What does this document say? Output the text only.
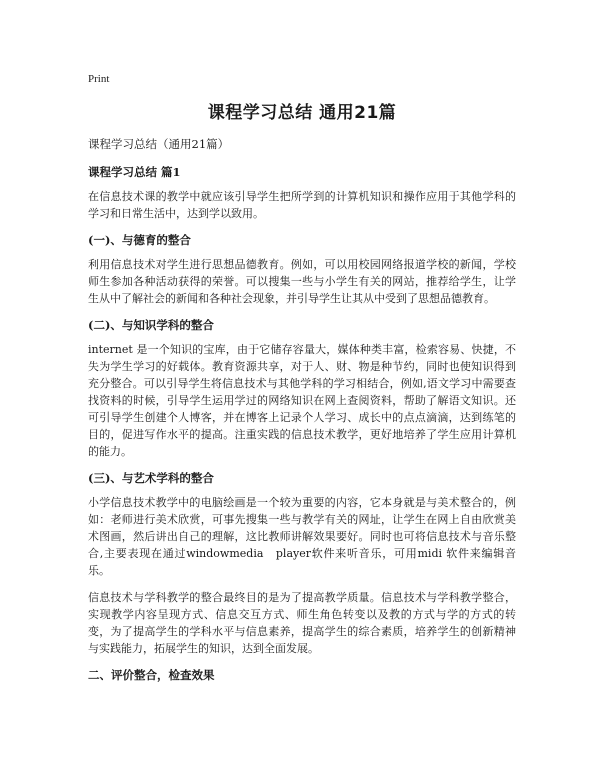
Print
课程学习总结 通用21篇
课程学习总结（通用21篇）
课程学习总结 篇1

在信息技术课的教学中就应该引导学生把所学到的计算机知识和操作应用于其他学科的学习和日常生活中，达到学以致用。

(一)、与德育的整合

利用信息技术对学生进行思想品德教育。例如，可以用校园网络报道学校的新闻，学校师生参加各种活动获得的荣誉。可以搜集一些与小学生有关的网站，推荐给学生，让学生从中了解社会的新闻和各种社会现象，并引导学生让其从中受到了思想品德教育。

(二)、与知识学科的整合

internet 是一个知识的宝库，由于它储存容量大，媒体种类丰富，检索容易、快捷，不失为学生学习的好载体。教育资源共享，对于人、财、物是种节约，同时也使知识得到充分整合。可以引导学生将信息技术与其他学科的学习相结合，例如,语文学习中需要查找资料的时候，引导学生运用学过的网络知识在网上查阅资料，帮助了解语文知识。还可引导学生创建个人博客，并在博客上记录个人学习、成长中的点点滴滴，达到练笔的目的，促进写作水平的提高。注重实践的信息技术教学，更好地培养了学生应用计算机的能力。

(三)、与艺术学科的整合

小学信息技术教学中的电脑绘画是一个较为重要的内容，它本身就是与美术整合的，例如：老师进行美术欣赏，可事先搜集一些与教学有关的网址，让学生在网上自由欣赏美术图画，然后讲出自己的理解，这比教师讲解效果要好。同时也可将信息技术与音乐整合,主要表现在通过windowmedia　player软件来听音乐，可用midi 软件来编辑音乐。

信息技术与学科教学的整合最终目的是为了提高教学质量。信息技术与学科教学整合，实现教学内容呈现方式、信息交互方式、师生角色转变以及教的方式与学的方式的转变，为了提高学生的学科水平与信息素养，提高学生的综合素质，培养学生的创新精神与实践能力，拓展学生的知识，达到全面发展。

二、评价整合，检查效果
